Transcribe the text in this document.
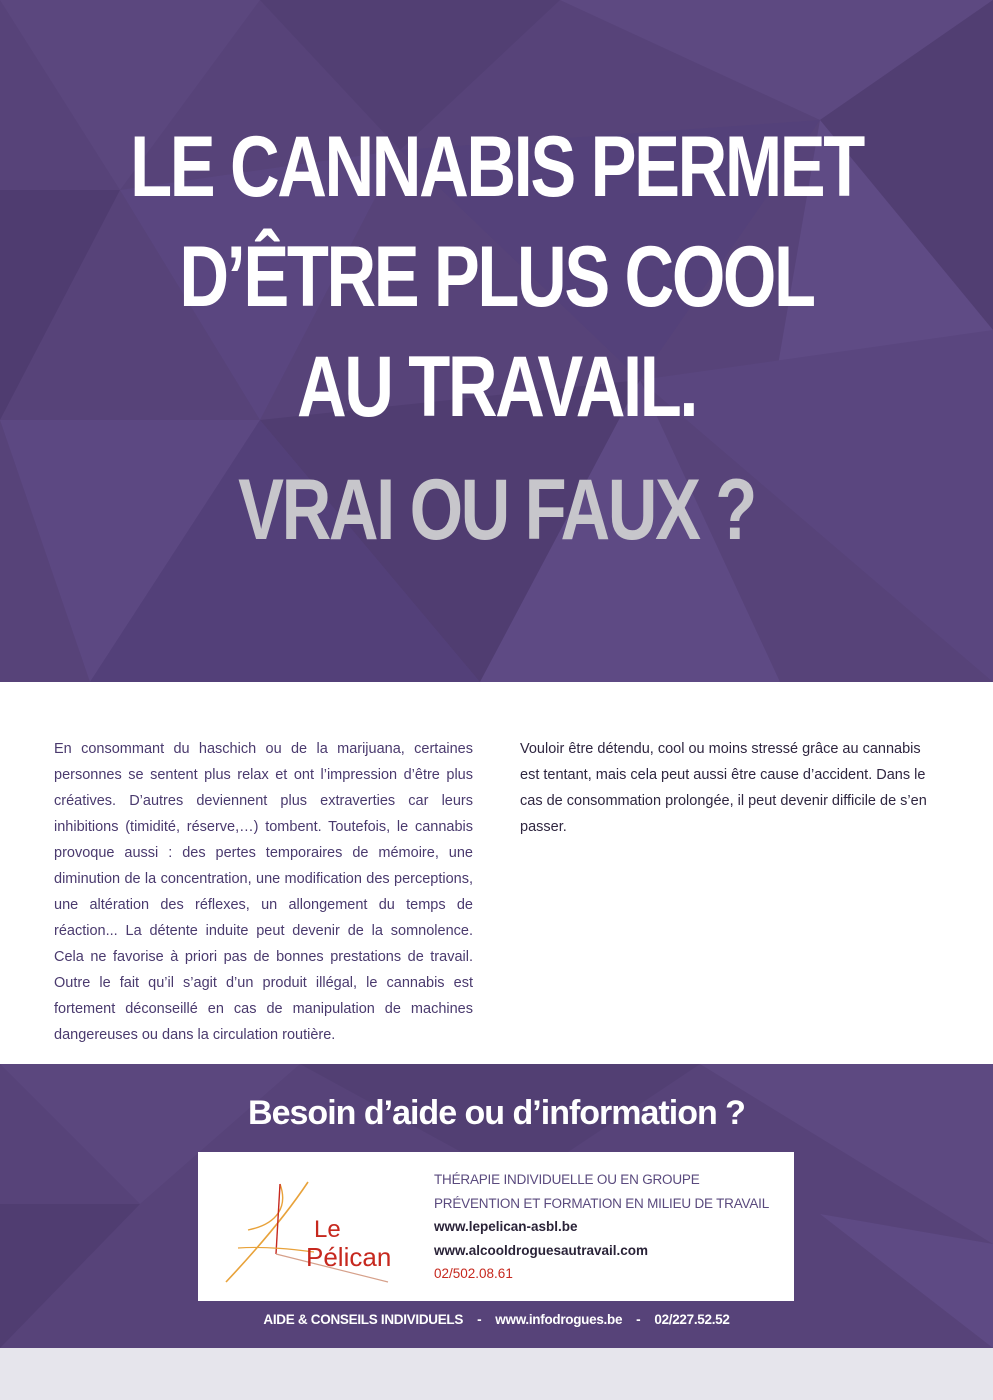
LE CANNABIS PERMET
D’ÊTRE PLUS COOL
AU TRAVAIL.
VRAI OU FAUX ?

En consommant du haschich ou de la marijuana, certaines personnes se sentent plus relax et ont l’impression d’être plus créatives. D’autres deviennent plus extraverties car leurs inhibitions (timidité, réserve,…) tombent. Toutefois, le cannabis provoque aussi : des pertes temporaires de mémoire, une diminution de la concentration, une modification des perceptions, une altération des réflexes, un allongement du temps de réaction... La détente induite peut devenir de la somnolence. Cela ne favorise à priori pas de bonnes prestations de travail. Outre le fait qu’il s’agit d’un produit illégal, le cannabis est fortement déconseillé en cas de manipulation de machines dangereuses ou dans la circulation routière.

Vouloir être détendu, cool ou moins stressé grâce au cannabis est tentant, mais cela peut aussi être cause d’accident. Dans le cas de consommation prolongée, il peut devenir difficile de s’en passer.

Besoin d’aide ou d’information ?
Le
Pélican
THÉRAPIE INDIVIDUELLE OU EN GROUPE
PRÉVENTION ET FORMATION EN MILIEU DE TRAVAIL
www.lepelican-asbl.be
www.alcooldroguesautravail.com
02/502.08.61
AIDE & CONSEILS INDIVIDUELS - www.infodrogues.be - 02/227.52.52
